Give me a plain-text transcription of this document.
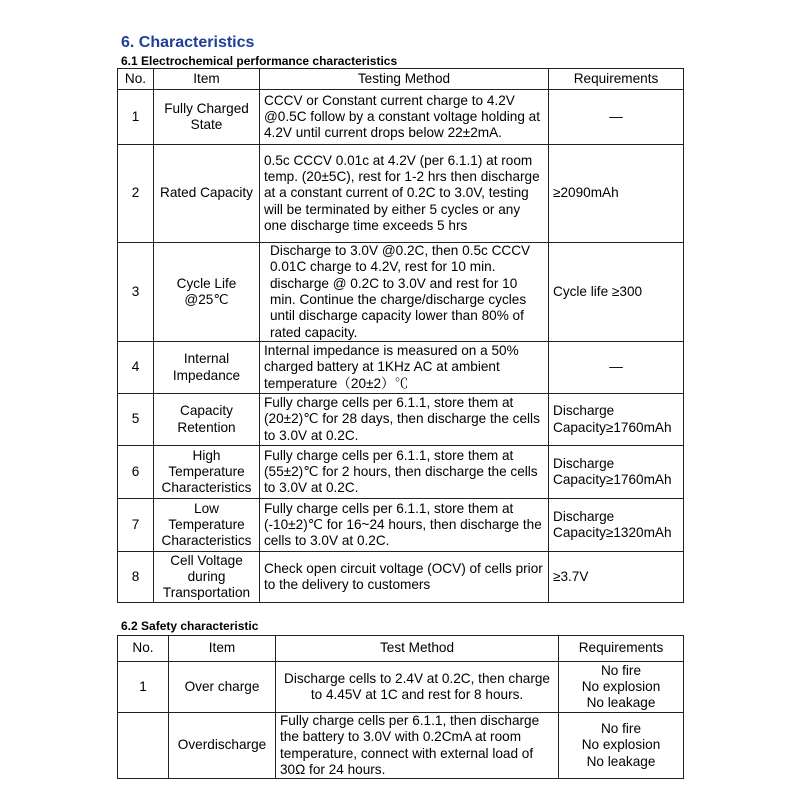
6. Characteristics
6.1 Electrochemical performance characteristics
No.	Item	Testing Method	Requirements
1	Fully Charged State	CCCV or Constant current charge to 4.2V @0.5C follow by a constant voltage holding at 4.2V until current drops below 22±2mA.	—
2	Rated Capacity	0.5c CCCV 0.01c at 4.2V (per 6.1.1) at room temp. (20±5C), rest for 1-2 hrs then discharge at a constant current of 0.2C to 3.0V, testing will be terminated by either 5 cycles or any one discharge time exceeds 5 hrs	≥2090mAh
3	Cycle Life @25℃	Discharge to 3.0V @0.2C, then 0.5c CCCV 0.01C charge to 4.2V, rest for 10 min. discharge @ 0.2C to 3.0V and rest for 10 min. Continue the charge/discharge cycles until discharge capacity lower than 80% of rated capacity.	Cycle life ≥300
4	Internal Impedance	Internal impedance is measured on a 50% charged battery at 1KHz AC at ambient temperature（20±2）℃	—
5	Capacity Retention	Fully charge cells per 6.1.1, store them at (20±2)℃ for 28 days, then discharge the cells to 3.0V at 0.2C.	Discharge Capacity≥1760mAh
6	High Temperature Characteristics	Fully charge cells per 6.1.1, store them at (55±2)℃ for 2 hours, then discharge the cells to 3.0V at 0.2C.	Discharge Capacity≥1760mAh
7	Low Temperature Characteristics	Fully charge cells per 6.1.1, store them at (-10±2)℃ for 16~24 hours, then discharge the cells to 3.0V at 0.2C.	Discharge Capacity≥1320mAh
8	Cell Voltage during Transportation	Check open circuit voltage (OCV) of cells prior to the delivery to customers	≥3.7V
6.2 Safety characteristic
No.	Item	Test Method	Requirements
1	Over charge	Discharge cells to 2.4V at 0.2C, then charge to 4.45V at 1C and rest for 8 hours.	No fire
No explosion
No leakage

	Overdischarge	Fully charge cells per 6.1.1, then discharge the battery to 3.0V with 0.2CmA at room temperature, connect with external load of 30Ω for 24 hours.	No fire
No explosion
No leakage
